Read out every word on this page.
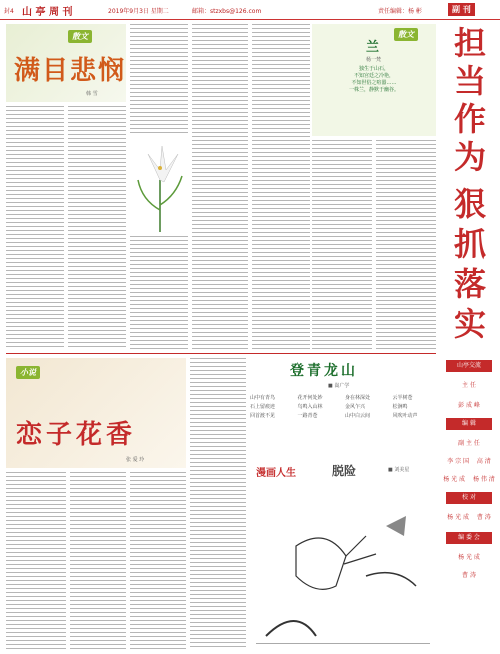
封4 山 亭 周 刊	2019年9月3日 星期二	邮箱：stzxbs@126.com	责任编辑：杨 彬	副 刊
散文
满目悲悯
韩 雪
散文
兰
杨一梵
独生于山石，
不知宫廷之冷艳，
不知世俗之喧嚣……
一株兰，静默于幽谷。
担
当
作
为
狠
抓
落
实
小说
恋子花香
张 爱 玲
登青龙山
■ 嵩广学
山中有青鸟	花开何处妙	身在林深处	云半树苍
石上留痕迹	鸟鸣入山林	金风乍兴	松涧鸣
回首渡不见	一路青苍	山中白云间	风吹叶动声
漫画人生	脱险	■ 刘美星
山亭交流
主 任
彭 成 峰
编 辑
副 主 任
李 宗 国 　高 清
杨 光 成 　杨 伟 清
校 对
杨 光 成 　曹 涛
编 委 会
杨 光 成
曹 涛
